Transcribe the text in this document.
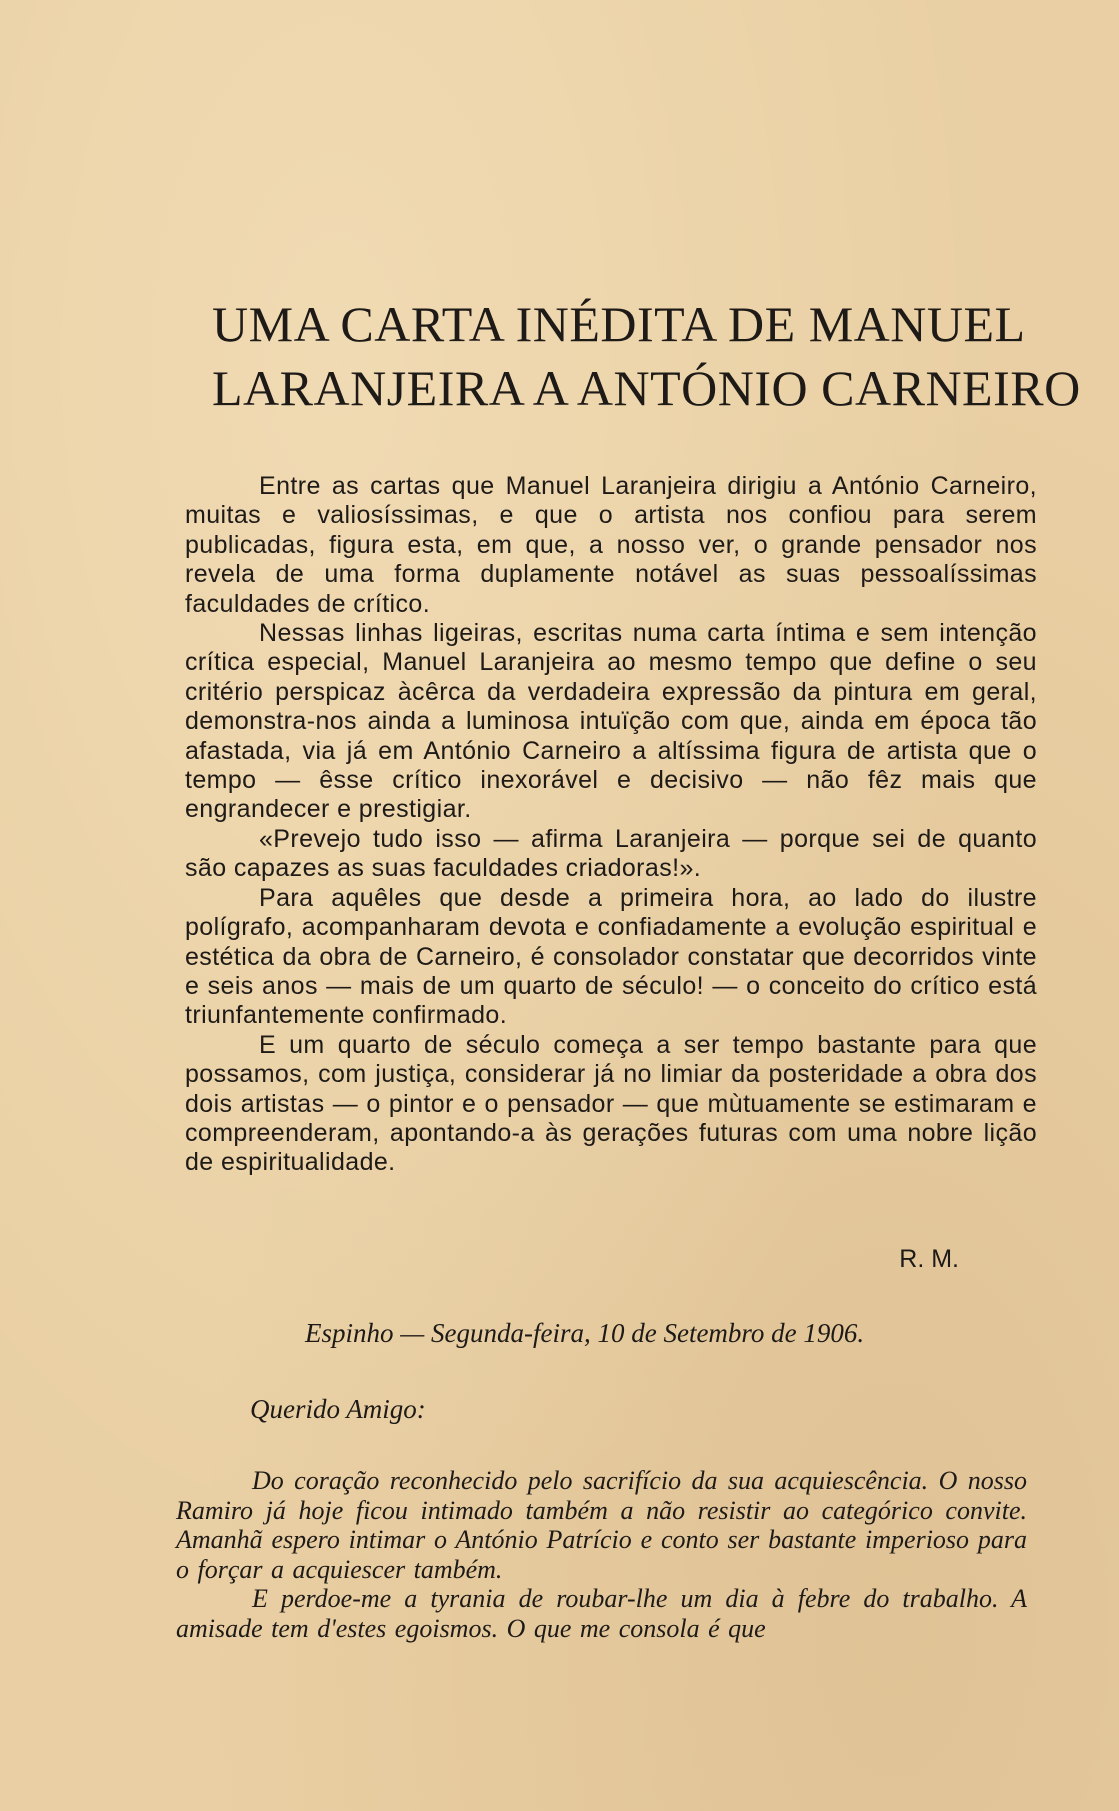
UMA CARTA INÉDITA DE MANUEL
LARANJEIRA A ANTÓNIO CARNEIRO

Entre as cartas que Manuel Laranjeira dirigiu a António Carneiro, muitas e valiosíssimas, e que o artista nos confiou para serem publicadas, figura esta, em que, a nosso ver, o grande pensador nos revela de uma forma duplamente notável as suas pessoalíssimas faculdades de crítico.

Nessas linhas ligeiras, escritas numa carta íntima e sem intenção crítica especial, Manuel Laranjeira ao mesmo tempo que define o seu critério perspicaz àcêrca da verdadeira expressão da pintura em geral, demonstra-nos ainda a luminosa intuïção com que, ainda em época tão afastada, via já em António Carneiro a altíssima figura de artista que o tempo — êsse crítico inexorável e decisivo — não fêz mais que engrandecer e prestigiar.

«Prevejo tudo isso — afirma Laranjeira — porque sei de quanto são capazes as suas faculdades criadoras!».

Para aquêles que desde a primeira hora, ao lado do ilustre polígrafo, acompanharam devota e confiadamente a evolução espiritual e estética da obra de Carneiro, é consolador constatar que decorridos vinte e seis anos — mais de um quarto de século! — o conceito do crítico está triunfantemente confirmado.

E um quarto de século começa a ser tempo bastante para que possamos, com justiça, considerar já no limiar da posteridade a obra dos dois artistas — o pintor e o pensador — que mùtuamente se estimaram e compreenderam, apontando-a às gerações futuras com uma nobre lição de espiritualidade.

R. M.
Espinho — Segunda-feira, 10 de Setembro de 1906.
Querido Amigo:

Do coração reconhecido pelo sacrifício da sua acquiescência. O nosso Ramiro já hoje ficou intimado também a não resistir ao categórico convite. Amanhã espero intimar o António Patrício e conto ser bastante imperioso para o forçar a acquiescer também.

E perdoe-me a tyrania de roubar-lhe um dia à febre do trabalho. A amisade tem d'estes egoismos. O que me consola é que
